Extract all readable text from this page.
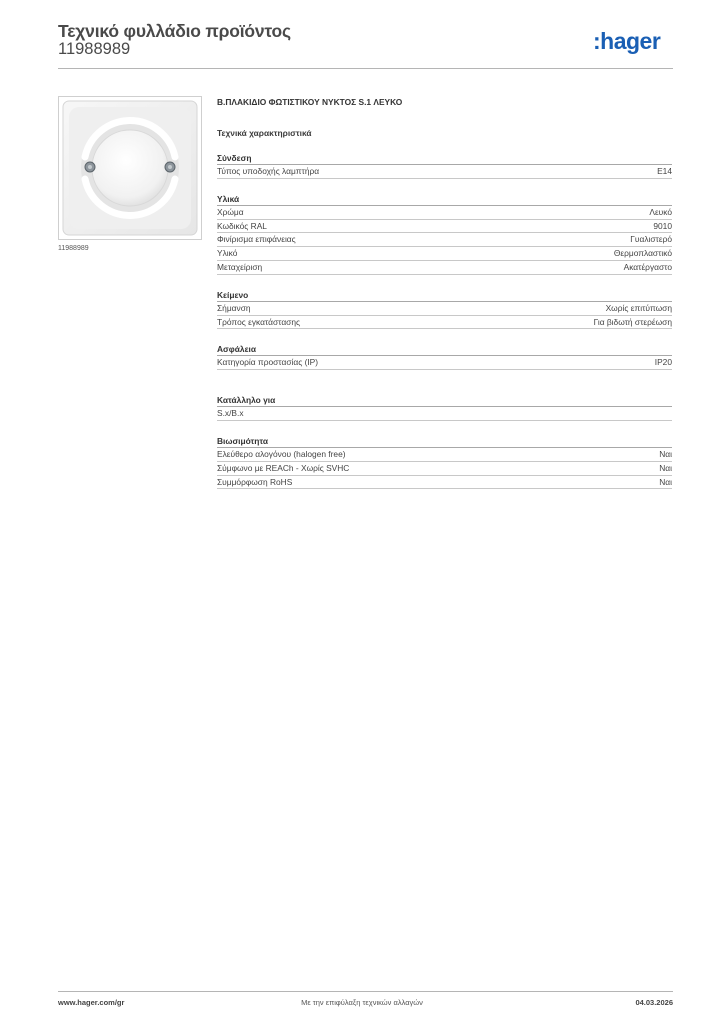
Τεχνικό φυλλάδιο προϊόντος
11988989	:hager
11988989
Β.ΠΛΑΚΙΔΙΟ ΦΩΤΙΣΤΙΚΟΥ ΝΥΚΤΟΣ S.1 ΛΕΥΚΟ
Τεχνικά χαρακτηριστικά
Σύνδεση
Τύπος υποδοχής λαμπτήρα	E14
Υλικά
Χρώμα	Λευκό
Κωδικός RAL	9010
Φινίρισμα επιφάνειας	Γυαλιστερό
Υλικό	Θερμοπλαστικό
Μεταχείριση	Ακατέργαστο
Κείμενο
Σήμανση	Χωρίς επιτύπωση
Τρόπος εγκατάστασης	Για βιδωτή στερέωση
Ασφάλεια
Κατηγορία προστασίας (IP)	IP20
Κατάλληλο για
S.x/B.x
Βιωσιμότητα
Ελεύθερο αλογόνου (halogen free)	Ναι
Σύμφωνο με REACh - Χωρίς SVHC	Ναι
Συμμόρφωση RoHS	Ναι
www.hager.com/gr	Με την επιφύλαξη τεχνικών αλλαγών	04.03.2026
